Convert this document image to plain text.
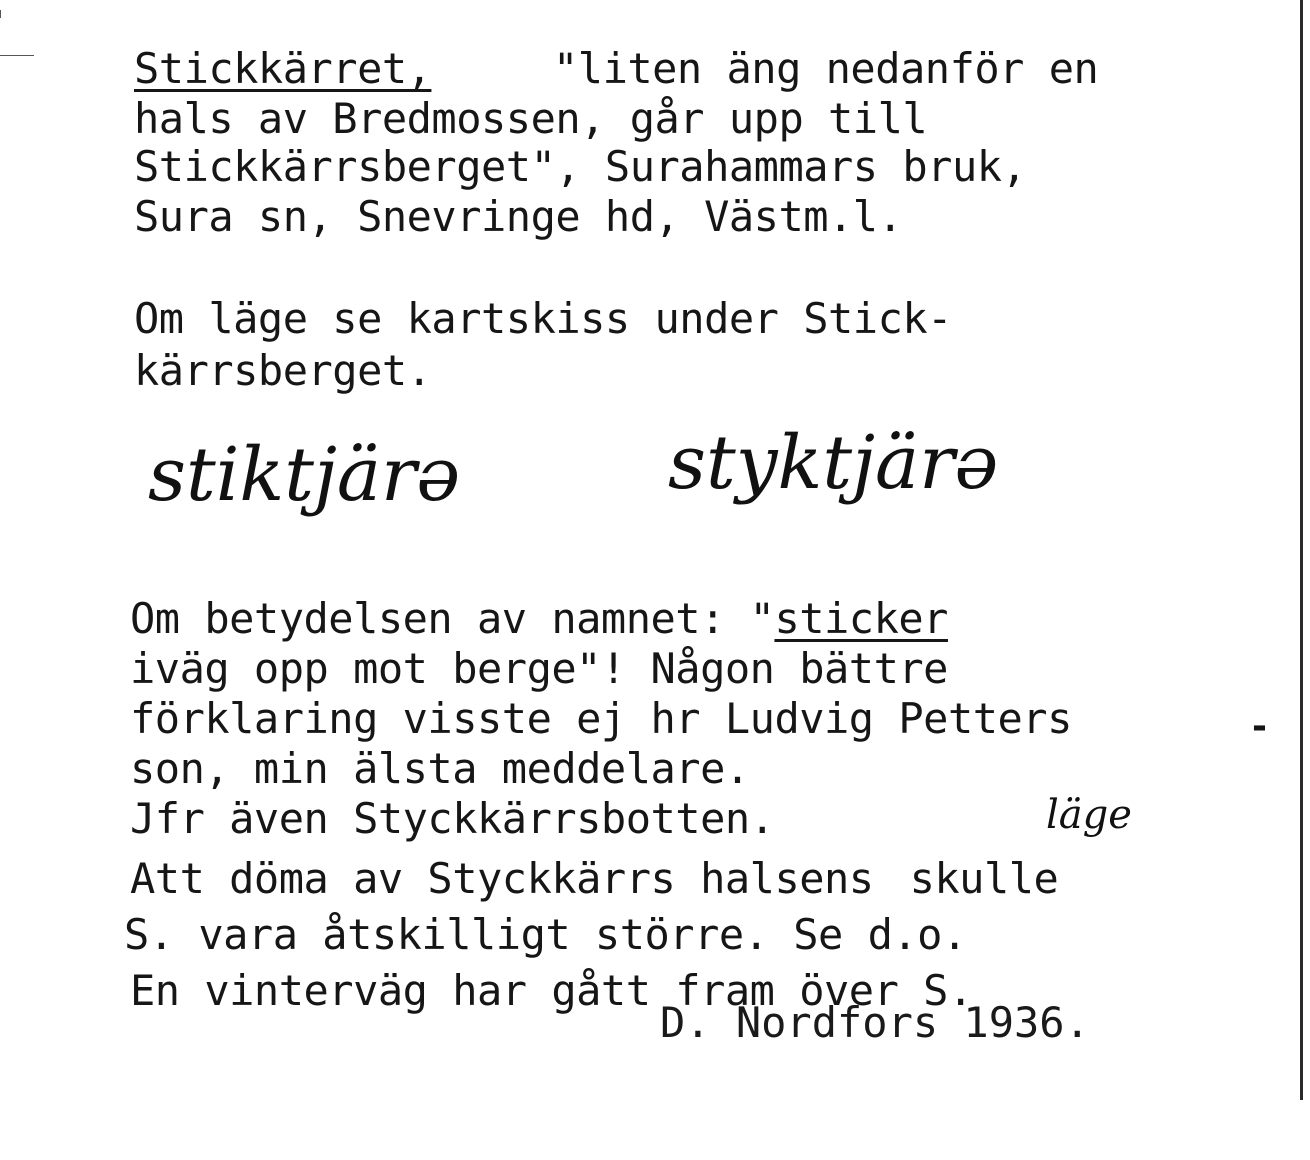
Stickkärret,	"liten äng nedanför en
hals av Bredmossen, går upp till
Stickkärrsberget", Surahammars bruk,
Sura sn, Snevringe hd, Västm.l.
Om läge se kartskiss under Stick-
kärrsberget.
stiktjärə	styktjärə
Om betydelsen av namnet: "sticker
iväg opp mot berge"! Någon bättre
förklaring visste ej hr Ludvig Petters	-
son, min älsta meddelare.
Jfr även Styckkärrsbotten.	läge
Att döma av Styckkärrs halsens skulle
S. vara åtskilligt större. Se d.o.
En vinterväg har gått fram över S.
D. Nordfors 1936.
